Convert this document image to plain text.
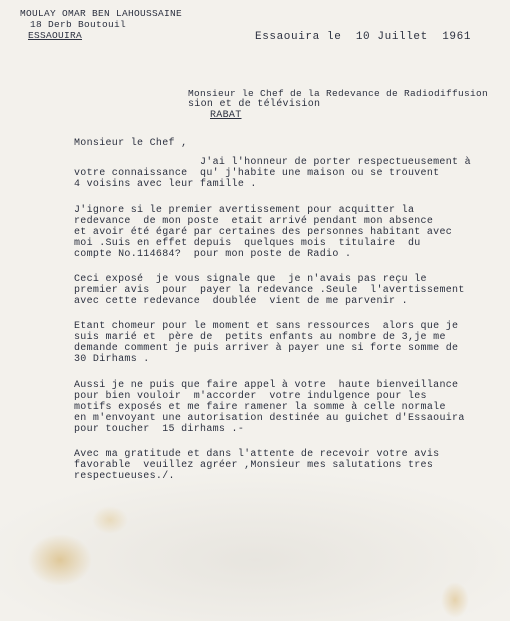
MOULAY OMAR BEN LAHOUSSAINE
18 Derb Boutouil
ESSAOUIRA	Essaouira le  10 Juillet  1961
Monsieur le Chef de la Redevance de Radiodiffusion
sion et de télévision
RABAT
Monsieur le Chef ,
J'ai l'honneur de porter respectueusement à
votre connaissance  qu' j'habite une maison ou se trouvent
4 voisins avec leur famille .
J'ignore si le premier avertissement pour acquitter la
redevance  de mon poste  etait arrivé pendant mon absence
et avoir été égaré par certaines des personnes habitant avec
moi .Suis en effet depuis  quelques mois  titulaire  du
compte No.114684?  pour mon poste de Radio .
Ceci exposé  je vous signale que  je n'avais pas reçu le
premier avis  pour  payer la redevance .Seule  l'avertissement
avec cette redevance  doublée  vient de me parvenir .
Etant chomeur pour le moment et sans ressources  alors que je
suis marié et  père de  petits enfants au nombre de 3,je me
demande comment je puis arriver à payer une si forte somme de
30 Dirhams .
Aussi je ne puis que faire appel à votre  haute bienveillance
pour bien vouloir  m'accorder  votre indulgence pour les
motifs exposés et me faire ramener la somme à celle normale
en m'envoyant une autorisation destinée au guichet d'Essaouira
pour toucher  15 dirhams .-
Avec ma gratitude et dans l'attente de recevoir votre avis
favorable  veuillez agréer ,Monsieur mes salutations tres
respectueuses./.
